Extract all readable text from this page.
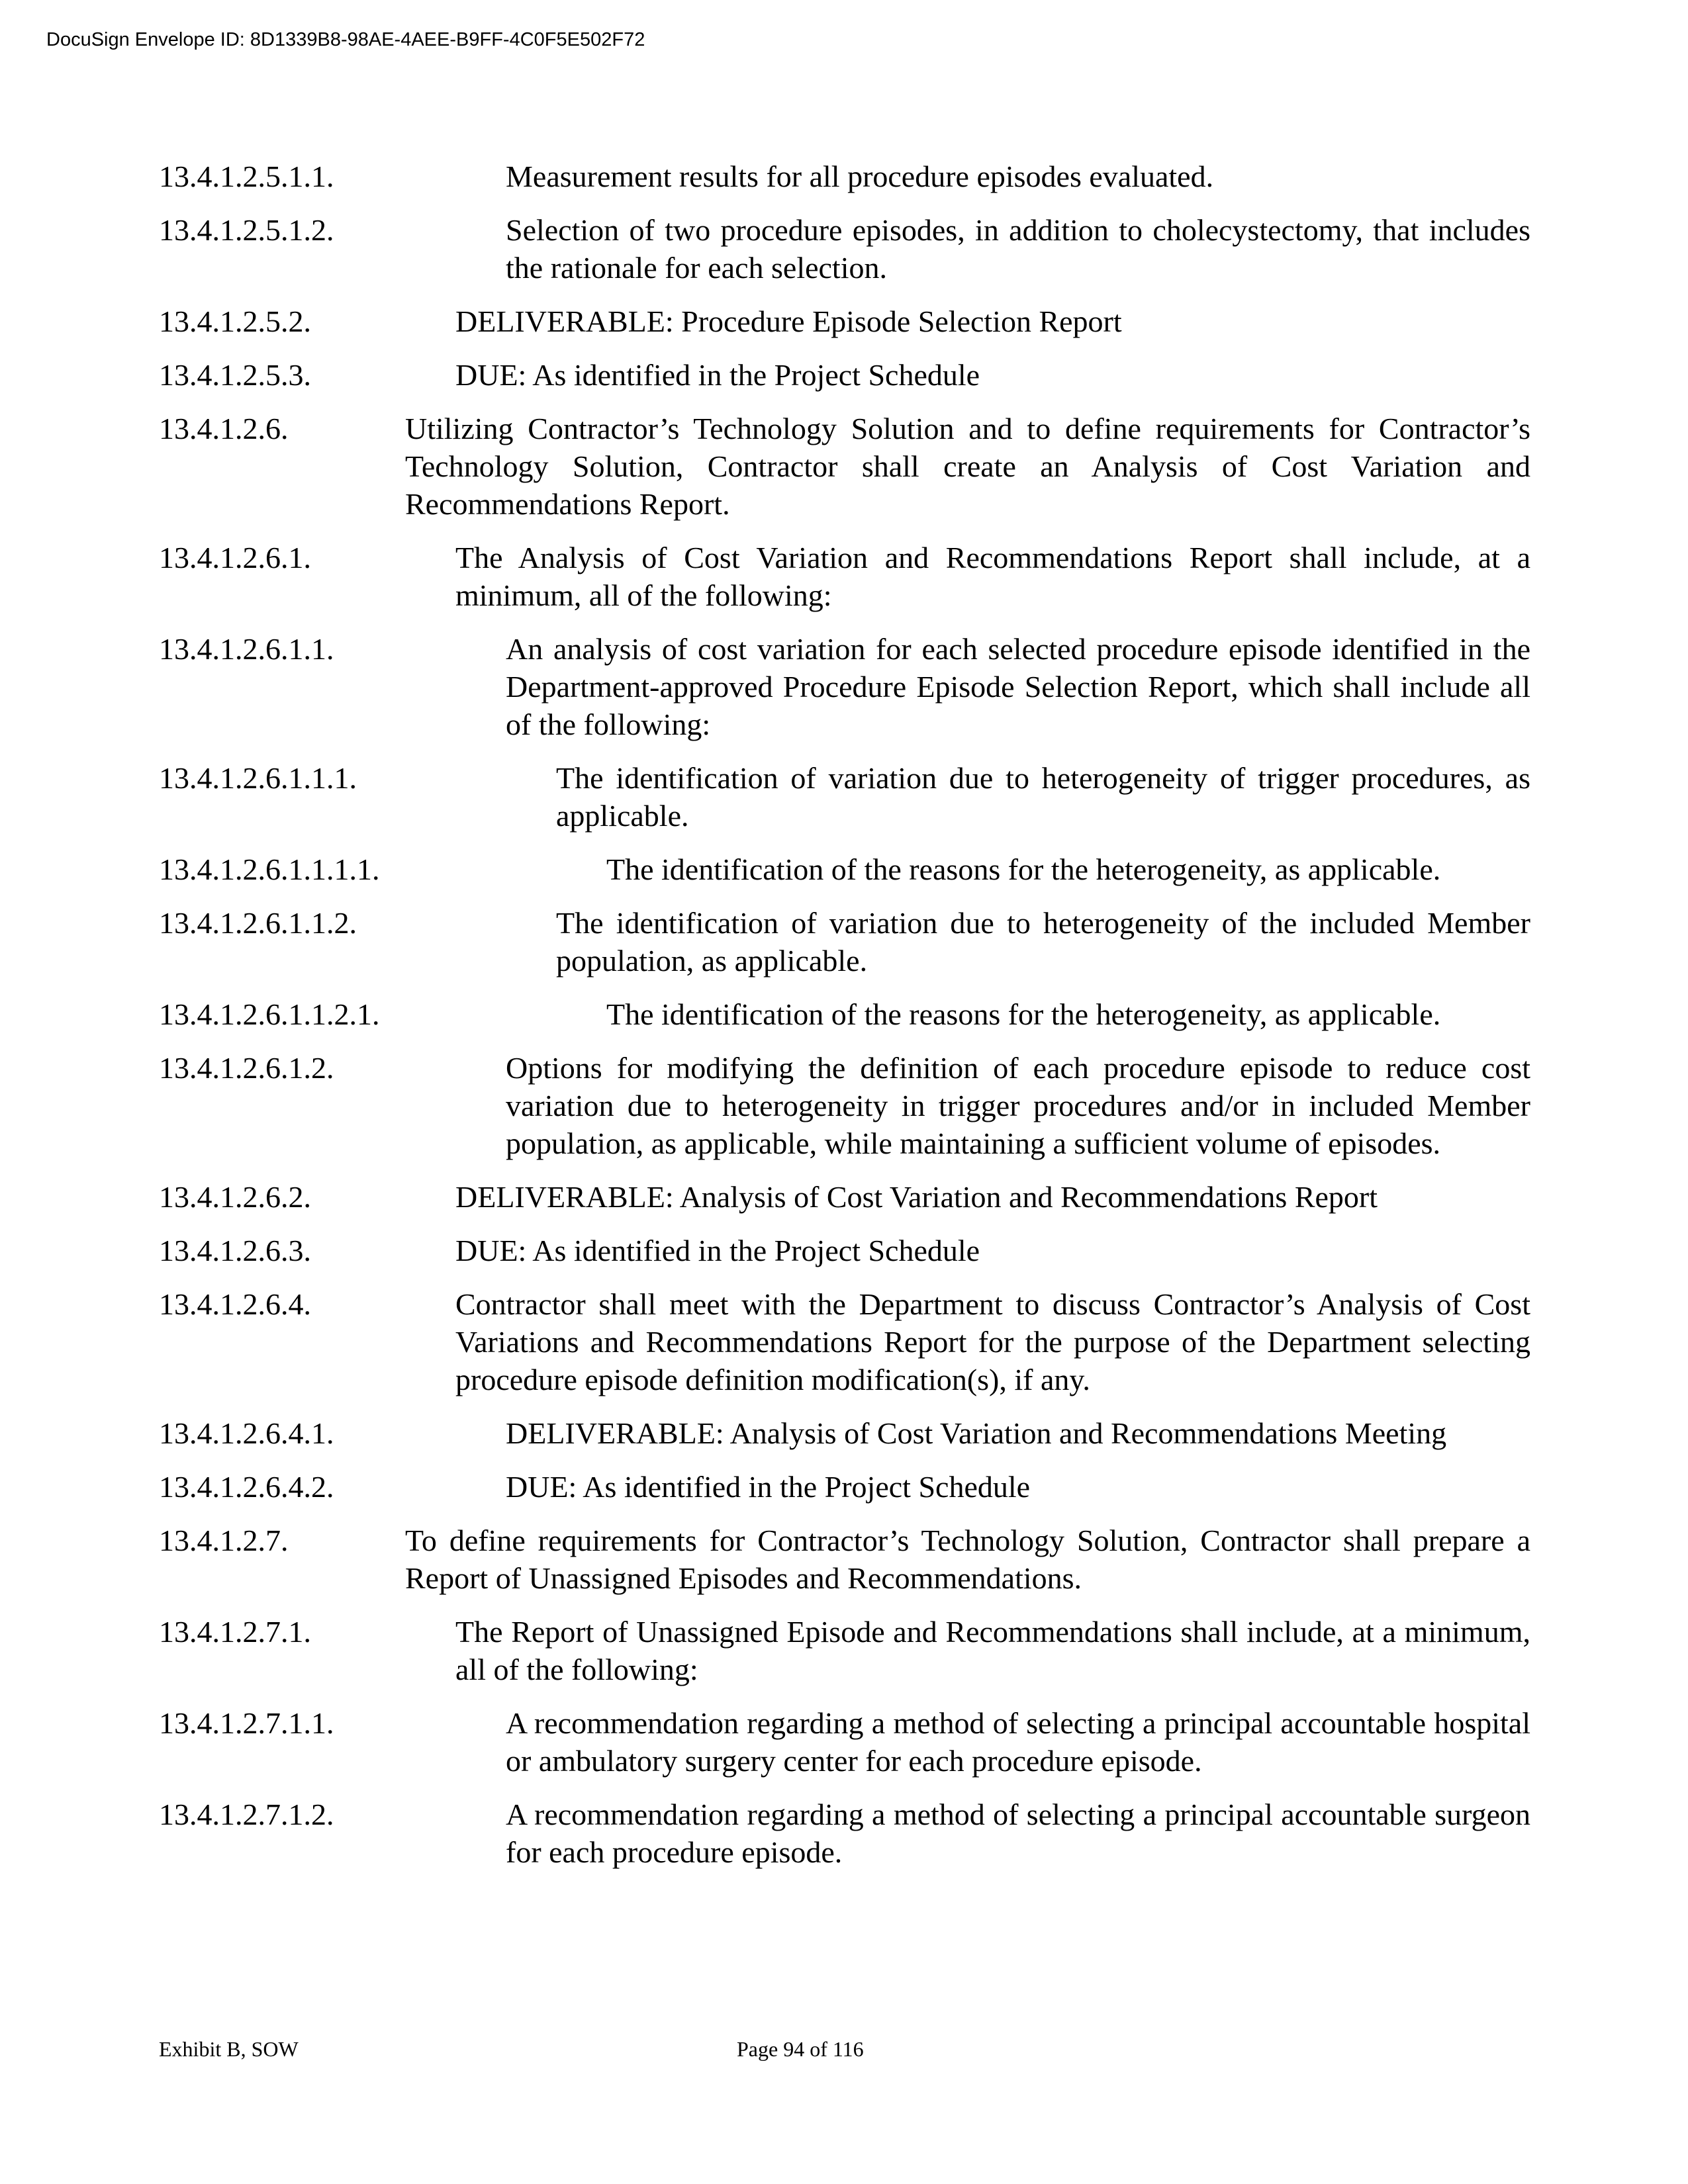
DocuSign Envelope ID: 8D1339B8-98AE-4AEE-B9FF-4C0F5E502F72
13.4.1.2.5.1.1.	Measurement results for all procedure episodes evaluated.
13.4.1.2.5.1.2.	Selection of two procedure episodes, in addition to cholecystectomy, that includes the rationale for each selection.
13.4.1.2.5.2.	DELIVERABLE: Procedure Episode Selection Report
13.4.1.2.5.3.	DUE: As identified in the Project Schedule
13.4.1.2.6.	Utilizing Contractor’s Technology Solution and to define requirements for Contractor’s Technology Solution, Contractor shall create an Analysis of Cost Variation and Recommendations Report.
13.4.1.2.6.1.	The Analysis of Cost Variation and Recommendations Report shall include, at a minimum, all of the following:
13.4.1.2.6.1.1.	An analysis of cost variation for each selected procedure episode identified in the Department-approved Procedure Episode Selection Report, which shall include all of the following:
13.4.1.2.6.1.1.1.	The identification of variation due to heterogeneity of trigger procedures, as applicable.
13.4.1.2.6.1.1.1.1.	The identification of the reasons for the heterogeneity, as applicable.
13.4.1.2.6.1.1.2.	The identification of variation due to heterogeneity of the included Member population, as applicable.
13.4.1.2.6.1.1.2.1.	The identification of the reasons for the heterogeneity, as applicable.
13.4.1.2.6.1.2.	Options for modifying the definition of each procedure episode to reduce cost variation due to heterogeneity in trigger procedures and/or in included Member population, as applicable, while maintaining a sufficient volume of episodes.
13.4.1.2.6.2.	DELIVERABLE: Analysis of Cost Variation and Recommendations Report
13.4.1.2.6.3.	DUE: As identified in the Project Schedule
13.4.1.2.6.4.	Contractor shall meet with the Department to discuss Contractor’s Analysis of Cost Variations and Recommendations Report for the purpose of the Department selecting procedure episode definition modification(s), if any.
13.4.1.2.6.4.1.	DELIVERABLE: Analysis of Cost Variation and Recommendations Meeting
13.4.1.2.6.4.2.	DUE: As identified in the Project Schedule
13.4.1.2.7.	To define requirements for Contractor’s Technology Solution, Contractor shall prepare a Report of Unassigned Episodes and Recommendations.
13.4.1.2.7.1.	The Report of Unassigned Episode and Recommendations shall include, at a minimum, all of the following:
13.4.1.2.7.1.1.	A recommendation regarding a method of selecting a principal accountable hospital or ambulatory surgery center for each procedure episode.
13.4.1.2.7.1.2.	A recommendation regarding a method of selecting a principal accountable surgeon for each procedure episode.
Exhibit B, SOW	Page 94 of 116
